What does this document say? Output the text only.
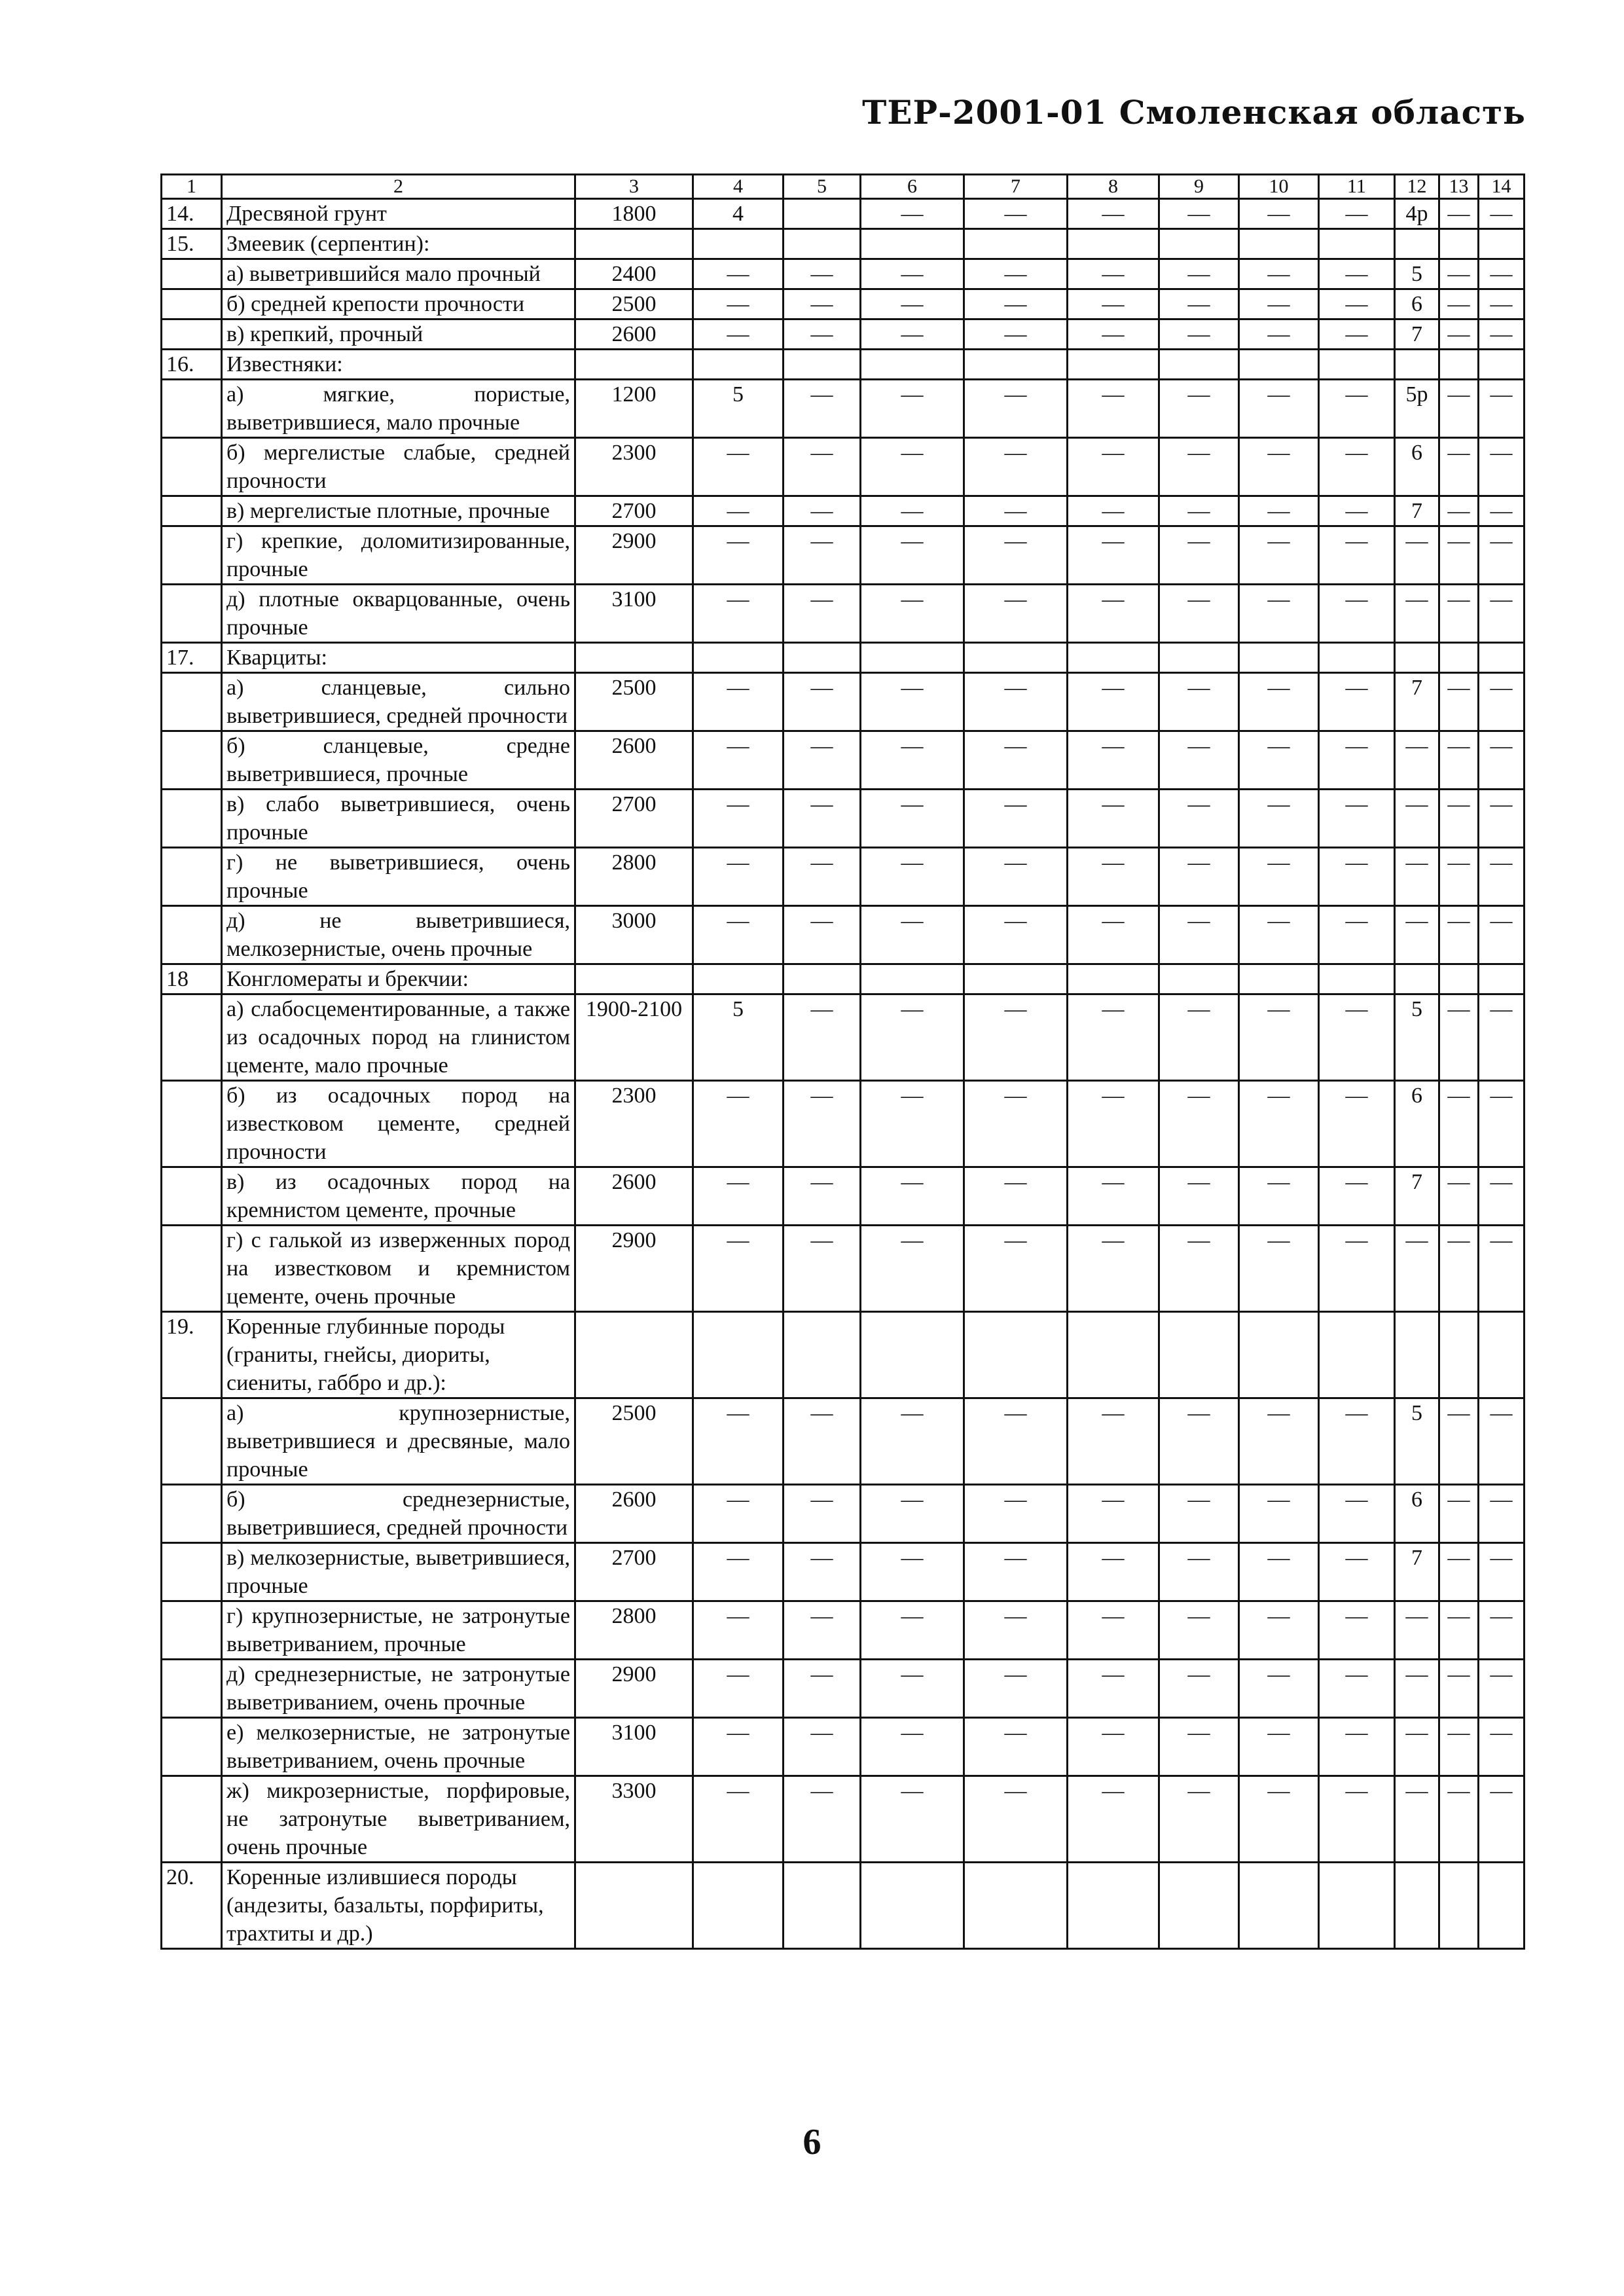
ТЕР-2001-01 Смоленская область
1	2	3	4	5	6	7	8	9	10	11	12	13	14
14.	Дресвяной грунт	1800	4		—	—	—	—	—	—	4р	—	—
15.	Змеевик (серпентин):												
	а) выветрившийся мало прочный	2400	—	—	—	—	—	—	—	—	5	—	—
	б) средней крепости прочности	2500	—	—	—	—	—	—	—	—	6	—	—
	в) крепкий, прочный	2600	—	—	—	—	—	—	—	—	7	—	—
16.	Известняки:												
	а) мягкие, пористые, выветрившиеся, мало прочные	1200	5	—	—	—	—	—	—	—	5р	—	—
	б) мергелистые слабые, средней прочности	2300	—	—	—	—	—	—	—	—	6	—	—
	в) мергелистые плотные, прочные	2700	—	—	—	—	—	—	—	—	7	—	—
	г) крепкие, доломитизированные, прочные	2900	—	—	—	—	—	—	—	—	—	—	—
	д) плотные окварцованные, очень прочные	3100	—	—	—	—	—	—	—	—	—	—	—
17.	Кварциты:												
	а) сланцевые, сильно выветрившиеся, средней прочности	2500	—	—	—	—	—	—	—	—	7	—	—
	б) сланцевые, средне выветрившиеся, прочные	2600	—	—	—	—	—	—	—	—	—	—	—
	в) слабо выветрившиеся, очень прочные	2700	—	—	—	—	—	—	—	—	—	—	—
	г) не выветрившиеся, очень прочные	2800	—	—	—	—	—	—	—	—	—	—	—
	д) не выветрившиеся, мелкозернистые, очень прочные	3000	—	—	—	—	—	—	—	—	—	—	—
18	Конгломераты и брекчии:												
	а) слабосцементированные, а также из осадочных пород на глинистом цементе, мало прочные	1900-2100	5	—	—	—	—	—	—	—	5	—	—
	б) из осадочных пород на известковом цементе, средней прочности	2300	—	—	—	—	—	—	—	—	6	—	—
	в) из осадочных пород на кремнистом цементе, прочные	2600	—	—	—	—	—	—	—	—	7	—	—
	г) с галькой из изверженных пород на известковом и кремнистом цементе, очень прочные	2900	—	—	—	—	—	—	—	—	—	—	—
19.	Коренные глубинные породы (граниты, гнейсы, диориты, сиениты, габбро и др.):												
	а) крупнозернистые, выветрившиеся и дресвяные, мало прочные	2500	—	—	—	—	—	—	—	—	5	—	—
	б) среднезернистые, выветрившиеся, средней прочности	2600	—	—	—	—	—	—	—	—	6	—	—
	в) мелкозернистые, выветрившиеся, прочные	2700	—	—	—	—	—	—	—	—	7	—	—
	г) крупнозернистые, не затронутые выветриванием, прочные	2800	—	—	—	—	—	—	—	—	—	—	—
	д) среднезернистые, не затронутые выветриванием, очень прочные	2900	—	—	—	—	—	—	—	—	—	—	—
	е) мелкозернистые, не затронутые выветриванием, очень прочные	3100	—	—	—	—	—	—	—	—	—	—	—
	ж) микрозернистые, порфировые, не затронутые выветриванием, очень прочные	3300	—	—	—	—	—	—	—	—	—	—	—
20.	Коренные излившиеся породы (андезиты, базальты, порфириты, трахтиты и др.)												
6
